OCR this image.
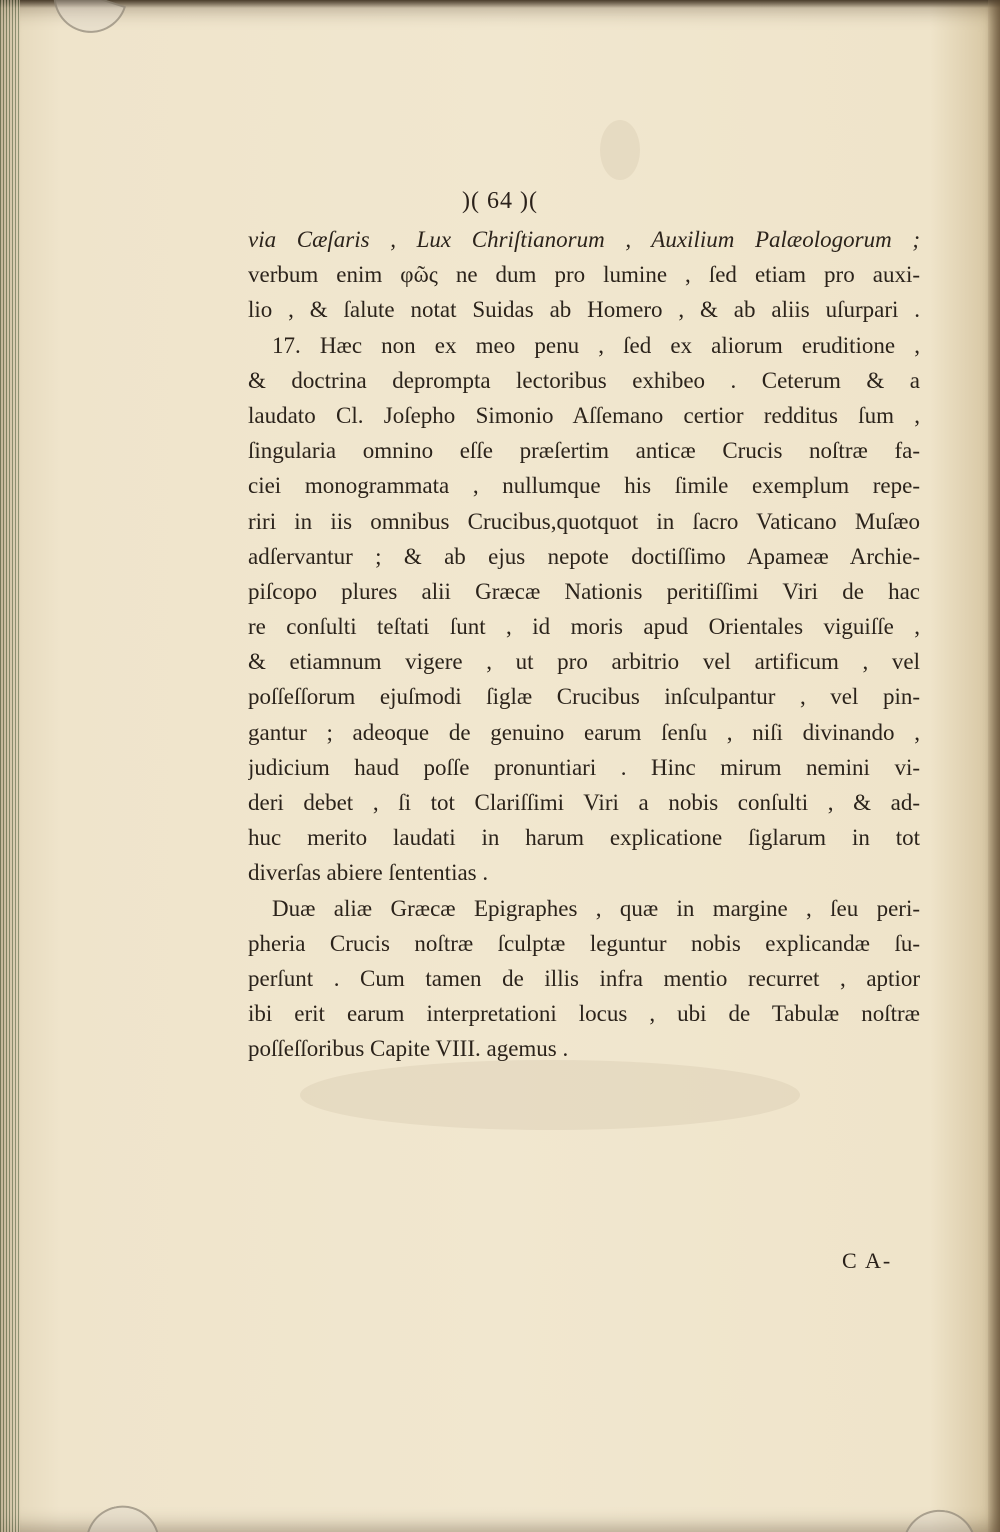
)( 64 )(
via Cæſaris , Lux Chriſtianorum , Auxilium Palæologorum ;
verbum enim φῶς ne dum pro lumine , ſed etiam pro auxi-
lio , & ſalute notat Suidas ab Homero , & ab aliis uſurpari .
17. Hæc non ex meo penu , ſed ex aliorum eruditione ,
& doctrina deprompta lectoribus exhibeo . Ceterum & a
laudato Cl. Joſepho Simonio Aſſemano certior redditus ſum ,
ſingularia omnino eſſe præſertim anticæ Crucis noſtræ fa-
ciei monogrammata , nullumque his ſimile exemplum repe-
riri in iis omnibus Crucibus,quotquot in ſacro Vaticano Muſæo
adſervantur ; & ab ejus nepote doctiſſimo Apameæ Archie-
piſcopo plures alii Græcæ Nationis peritiſſimi Viri de hac
re conſulti teſtati ſunt , id moris apud Orientales viguiſſe ,
& etiamnum vigere , ut pro arbitrio vel artificum , vel
poſſeſſorum ejuſmodi ſiglæ Crucibus inſculpantur , vel pin-
gantur ; adeoque de genuino earum ſenſu , niſi divinando ,
judicium haud poſſe pronuntiari . Hinc mirum nemini vi-
deri debet , ſi tot Clariſſimi Viri a nobis conſulti , & ad-
huc merito laudati in harum explicatione ſiglarum in tot
diverſas abiere ſententias .
Duæ aliæ Græcæ Epigraphes , quæ in margine , ſeu peri-
pheria Crucis noſtræ ſculptæ leguntur nobis explicandæ ſu-
perſunt . Cum tamen de illis infra mentio recurret , aptior
ibi erit earum interpretationi locus , ubi de Tabulæ noſtræ
poſſeſſoribus Capite VIII. agemus .
C A-
